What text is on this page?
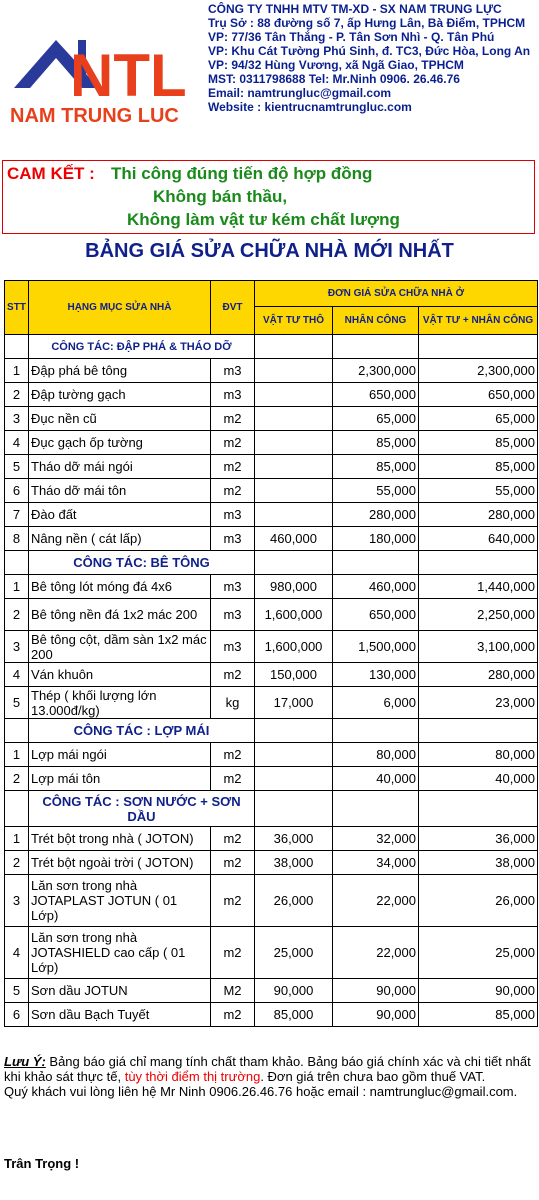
NTL
NAM TRUNG LUC
CÔNG TY TNHH MTV TM-XD - SX NAM TRUNG LỰC
Trụ Sở : 88 đường số 7, ấp Hưng Lân, Bà Điểm, TPHCM
VP: 77/36 Tân Thắng - P. Tân Sơn Nhì - Q. Tân Phú
VP: Khu Cát Tường Phú Sinh, đ. TC3, Đức Hòa, Long An
VP: 94/32 Hùng Vương, xã Ngã Giao, TPHCM
MST: 0311798688 Tel: Mr.Ninh 0906. 26.46.76
Email: namtrungluc@gmail.com
Website : kientrucnamtrungluc.com
CAM KẾT : Thi công đúng tiến độ hợp đồng
Không bán thầu,
Không làm vật tư kém chất lượng
BẢNG GIÁ SỬA CHỮA NHÀ MỚI NHẤT
STT	HẠNG MỤC SỬA NHÀ	ĐVT	ĐƠN GIÁ SỬA CHỮA NHÀ Ở		
			VẬT TƯ THÔ	NHÂN CÔNG	VẬT TƯ + NHÂN CÔNG
	CÔNG TÁC: ĐẬP PHÁ & THÁO DỠ				
1	Đập phá bê tông	m3		2,300,000	2,300,000
2	Đập tường gạch	m3		650,000	650,000
3	Đục nền cũ	m2		65,000	65,000
4	Đục gạch ốp tường	m2		85,000	85,000
5	Tháo dỡ mái ngói	m2		85,000	85,000
6	Tháo dỡ mái tôn	m2		55,000	55,000
7	Đào đất	m3		280,000	280,000
8	Nâng nền ( cát lấp)	m3	460,000	180,000	640,000
	CÔNG TÁC: BÊ TÔNG				
1	Bê tông lót móng đá 4x6	m3	980,000	460,000	1,440,000
2	Bê tông nền đá 1x2 mác 200	m3	1,600,000	650,000	2,250,000
3	Bê tông cột, dầm sàn 1x2 mác 200	m3	1,600,000	1,500,000	3,100,000
4	Ván khuôn	m2	150,000	130,000	280,000
5	Thép ( khối lượng lớn 13.000đ/kg)	kg	17,000	6,000	23,000
	CÔNG TÁC : LỢP MÁI				
1	Lợp mái ngói	m2		80,000	80,000
2	Lợp mái tôn	m2		40,000	40,000
	CÔNG TÁC : SƠN NƯỚC + SƠN DẦU				
1	Trét bột trong nhà ( JOTON)	m2	36,000	32,000	36,000
2	Trét bột ngoài trời ( JOTON)	m2	38,000	34,000	38,000
3	Lăn sơn trong nhà JOTAPLAST JOTUN ( 01 Lớp)	m2	26,000	22,000	26,000
4	Lăn sơn trong nhà JOTASHIELD cao cấp ( 01 Lớp)	m2	25,000	22,000	25,000
5	Sơn dầu JOTUN	M2	90,000	90,000	90,000
6	Sơn dầu Bạch Tuyết	m2	85,000	90,000	85,000
Lưu Ý: Bảng báo giá chỉ mang tính chất tham khảo. Bảng báo giá chính xác và chi tiết nhất khi khảo sát thực tế, tùy thời điểm thị trường. Đơn giá trên chưa bao gồm thuế VAT.
Quý khách vui lòng liên hệ Mr Ninh 0906.26.46.76 hoặc email : namtrungluc@gmail.com.
Trân Trọng !
